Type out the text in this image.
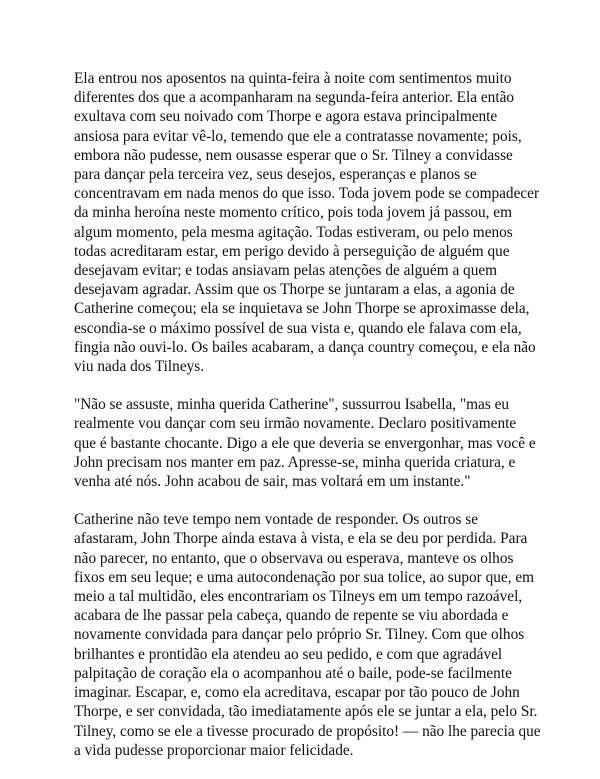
Ela entrou nos aposentos na quinta-feira à noite com sentimentos muito
diferentes dos que a acompanharam na segunda-feira anterior. Ela então
exultava com seu noivado com Thorpe e agora estava principalmente
ansiosa para evitar vê-lo, temendo que ele a contratasse novamente; pois,
embora não pudesse, nem ousasse esperar que o Sr. Tilney a convidasse
para dançar pela terceira vez, seus desejos, esperanças e planos se
concentravam em nada menos do que isso. Toda jovem pode se compadecer
da minha heroína neste momento crítico, pois toda jovem já passou, em
algum momento, pela mesma agitação. Todas estiveram, ou pelo menos
todas acreditaram estar, em perigo devido à perseguição de alguém que
desejavam evitar; e todas ansiavam pelas atenções de alguém a quem
desejavam agradar. Assim que os Thorpe se juntaram a elas, a agonia de
Catherine começou; ela se inquietava se John Thorpe se aproximasse dela,
escondia-se o máximo possível de sua vista e, quando ele falava com ela,
fingia não ouvi-lo. Os bailes acabaram, a dança country começou, e ela não
viu nada dos Tilneys.

"Não se assuste, minha querida Catherine", sussurrou Isabella, "mas eu
realmente vou dançar com seu irmão novamente. Declaro positivamente
que é bastante chocante. Digo a ele que deveria se envergonhar, mas você e
John precisam nos manter em paz. Apresse-se, minha querida criatura, e
venha até nós. John acabou de sair, mas voltará em um instante."

Catherine não teve tempo nem vontade de responder. Os outros se
afastaram, John Thorpe ainda estava à vista, e ela se deu por perdida. Para
não parecer, no entanto, que o observava ou esperava, manteve os olhos
fixos em seu leque; e uma autocondenação por sua tolice, ao supor que, em
meio a tal multidão, eles encontrariam os Tilneys em um tempo razoável,
acabara de lhe passar pela cabeça, quando de repente se viu abordada e
novamente convidada para dançar pelo próprio Sr. Tilney. Com que olhos
brilhantes e prontidão ela atendeu ao seu pedido, e com que agradável
palpitação de coração ela o acompanhou até o baile, pode-se facilmente
imaginar. Escapar, e, como ela acreditava, escapar por tão pouco de John
Thorpe, e ser convidada, tão imediatamente após ele se juntar a ela, pelo Sr.
Tilney, como se ele a tivesse procurado de propósito! — não lhe parecia que
a vida pudesse proporcionar maior felicidade.
